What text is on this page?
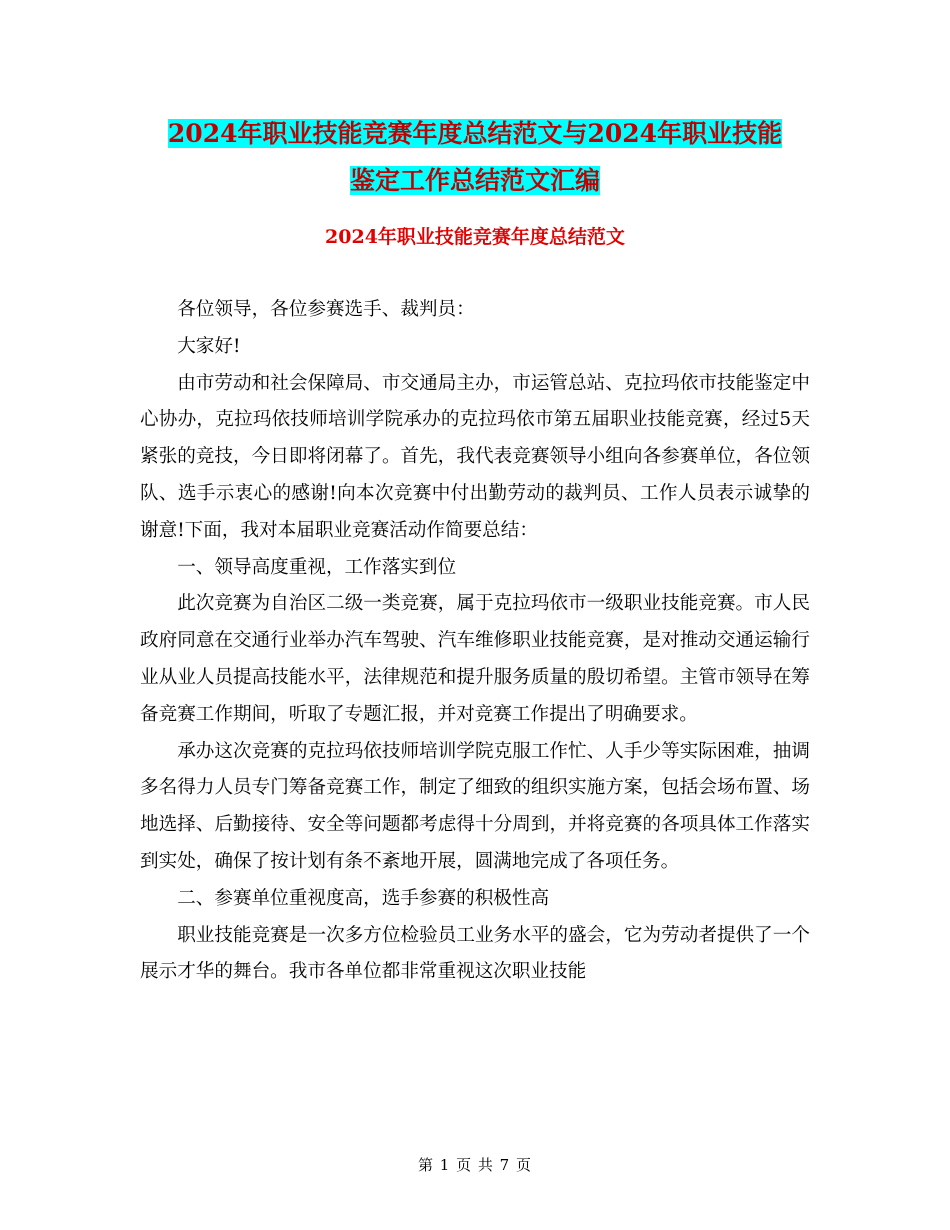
2024年职业技能竞赛年度总结范文与2024年职业技能
鉴定工作总结范文汇编
2024年职业技能竞赛年度总结范文

各位领导，各位参赛选手、裁判员：

大家好!

由市劳动和社会保障局、市交通局主办，市运管总站、克拉玛依市技能鉴定中心协办，克拉玛依技师培训学院承办的克拉玛依市第五届职业技能竞赛，经过5天紧张的竞技，今日即将闭幕了。首先，我代表竞赛领导小组向各参赛单位，各位领队、选手示衷心的感谢!向本次竞赛中付出勤劳动的裁判员、工作人员表示诚挚的谢意!下面，我对本届职业竞赛活动作简要总结：

一、领导高度重视，工作落实到位

此次竞赛为自治区二级一类竞赛，属于克拉玛依市一级职业技能竞赛。市人民政府同意在交通行业举办汽车驾驶、汽车维修职业技能竞赛，是对推动交通运输行业从业人员提高技能水平，法律规范和提升服务质量的殷切希望。主管市领导在筹备竞赛工作期间，听取了专题汇报，并对竞赛工作提出了明确要求。

承办这次竞赛的克拉玛依技师培训学院克服工作忙、人手少等实际困难，抽调多名得力人员专门筹备竞赛工作，制定了细致的组织实施方案，包括会场布置、场地选择、后勤接待、安全等问题都考虑得十分周到，并将竞赛的各项具体工作落实到实处，确保了按计划有条不紊地开展，圆满地完成了各项任务。

二、参赛单位重视度高，选手参赛的积极性高

职业技能竞赛是一次多方位检验员工业务水平的盛会，它为劳动者提供了一个展示才华的舞台。我市各单位都非常重视这次职业技能

第 1 页 共 7 页
